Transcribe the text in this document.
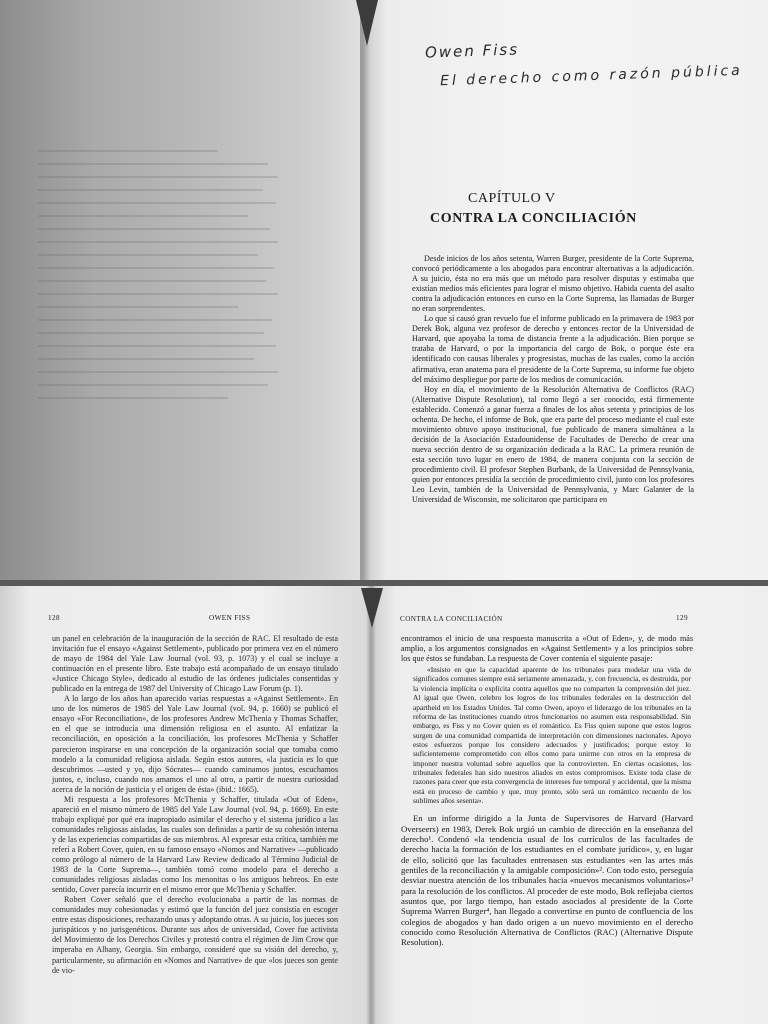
Owen Fiss
El derecho como razón pública
CAPÍTULO V
CONTRA LA CONCILIACIÓN

Desde inicios de los años setenta, Warren Burger, presidente de la Corte Suprema, convocó periódicamente a los abogados para encontrar alternativas a la adjudicación. A su juicio, ésta no era más que un método para resolver disputas y estimaba que existían medios más eficientes para lograr el mismo objetivo. Habida cuenta del asalto contra la adjudicación entonces en curso en la Corte Suprema, las llamadas de Burger no eran sorprendentes.

Lo que sí causó gran revuelo fue el informe publicado en la primavera de 1983 por Derek Bok, alguna vez profesor de derecho y entonces rector de la Universidad de Harvard, que apoyaba la toma de distancia frente a la adjudicación. Bien porque se trataba de Harvard, o por la importancia del cargo de Bok, o porque éste era identificado con causas liberales y progresistas, muchas de las cuales, como la acción afirmativa, eran anatema para el presidente de la Corte Suprema, su informe fue objeto del máximo despliegue por parte de los medios de comunicación.

Hoy en día, el movimiento de la Resolución Alternativa de Conflictos (RAC) (Alternative Dispute Resolution), tal como llegó a ser conocido, está firmemente establecido. Comenzó a ganar fuerza a finales de los años setenta y principios de los ochenta. De hecho, el informe de Bok, que era parte del proceso mediante el cual este movimiento obtuvo apoyo institucional, fue publicado de manera simultánea a la decisión de la Asociación Estadounidense de Facultades de Derecho de crear una nueva sección dentro de su organización dedicada a la RAC. La primera reunión de esta sección tuvo lugar en enero de 1984, de manera conjunta con la sección de procedimiento civil. El profesor Stephen Burbank, de la Universidad de Pennsylvania, quien por entonces presidía la sección de procedimiento civil, junto con los profesores Leo Levin, también de la Universidad de Pennsylvania, y Marc Galanter de la Universidad de Wisconsin, me solicitaron que participara en

128	OWEN FISS

un panel en celebración de la inauguración de la sección de RAC. El resultado de esta invitación fue el ensayo «Against Settlement», publicado por primera vez en el número de mayo de 1984 del Yale Law Journal (vol. 93, p. 1073) y el cual se incluye a continuación en el presente libro. Este trabajo está acompañado de un ensayo titulado «Justice Chicago Style», dedicado al estudio de las órdenes judiciales consentidas y publicado en la entrega de 1987 del University of Chicago Law Forum (p. 1).

A lo largo de los años han aparecido varias respuestas a «Against Settlement». En uno de los números de 1985 del Yale Law Journal (vol. 94, p. 1660) se publicó el ensayo «For Reconciliation», de los profesores Andrew McThenia y Thomas Schaffer, en el que se introducía una dimensión religiosa en el asunto. Al enfatizar la reconciliación, en oposición a la conciliación, los profesores McThenia y Schaffer parecieron inspirarse en una concepción de la organización social que tomaba como modelo a la comunidad religiosa aislada. Según estos autores, «la justicia es lo que descubrimos —usted y yo, dijo Sócrates— cuando caminamos juntos, escuchamos juntos, e, incluso, cuando nos amamos el uno al otro, a partir de nuestra curiosidad acerca de la noción de justicia y el origen de ésta» (ibid.: 1665).

Mi respuesta a los profesores McThenia y Schaffer, titulada «Out of Eden», apareció en el mismo número de 1985 del Yale Law Journal (vol. 94, p. 1669). En este trabajo expliqué por qué era inapropiado asimilar el derecho y el sistema jurídico a las comunidades religiosas aisladas, las cuales son definidas a partir de su cohesión interna y de las experiencias compartidas de sus miembros. Al expresar esta crítica, también me referí a Robert Cover, quien, en su famoso ensayo «Nomos and Narrative» —publicado como prólogo al número de la Harvard Law Review dedicado al Término Judicial de 1983 de la Corte Suprema—, también tomó como modelo para el derecho a comunidades religiosas aisladas como los menonitas o los antiguos hebreos. En este sentido, Cover parecía incurrir en el mismo error que McThenia y Schaffer.

Robert Cover señaló que el derecho evolucionaba a partir de las normas de comunidades muy cohesionadas y estimó que la función del juez consistía en escoger entre estas disposiciones, rechazando unas y adoptando otras. A su juicio, los jueces son jurispáticos y no jurisgenéticos. Durante sus años de universidad, Cover fue activista del Movimiento de los Derechos Civiles y protestó contra el régimen de Jim Crow que imperaba en Albany, Georgia. Sin embargo, consideré que su visión del derecho, y, particularmente, su afirmación en «Nomos and Narrative» de que «los jueces son gente de vio-

CONTRA LA CONCILIACIÓN	129

encontramos el inicio de una respuesta manuscrita a «Out of Eden», y, de modo más amplio, a los argumentos consignados en «Against Settlement» y a los principios sobre los que éstos se fundaban. La respuesta de Cover contenía el siguiente pasaje:

«Insisto en que la capacidad aparente de los tribunales para modelar una vida de significados comunes siempre está seriamente amenazada, y, con frecuencia, es destruida, por la violencia implícita o explícita contra aquellos que no comparten la comprensión del juez. Al igual que Owen, celebro los logros de los tribunales federales en la destrucción del apartheid en los Estados Unidos. Tal como Owen, apoyo el liderazgo de los tribunales en la reforma de las instituciones cuando otros funcionarios no asumen esta responsabilidad. Sin embargo, es Fiss y no Cover quien es el romántico. Es Fiss quien supone que estos logros surgen de una comunidad compartida de interpretación con dimensiones nacionales. Apoyo estos esfuerzos porque los considero adecuados y justificados; porque estoy lo suficientemente comprometido con ellos como para unirme con otros en la empresa de imponer nuestra voluntad sobre aquellos que la controvierten. En ciertas ocasiones, los tribunales federales han sido nuestros aliados en estos compromisos. Existe toda clase de razones para creer que esta convergencia de intereses fue temporal y accidental, que la misma está en proceso de cambio y que, muy pronto, sólo será un romántico recuerdo de los sublimes años sesenta».

En un informe dirigido a la Junta de Supervisores de Harvard (Harvard Overseers) en 1983, Derek Bok urgió un cambio de dirección en la enseñanza del derecho¹. Condenó «la tendencia usual de los currículos de las facultades de derecho hacia la formación de los estudiantes en el combate jurídico», y, en lugar de ello, solicitó que las facultades entrenasen sus estudiantes «en las artes más gentiles de la reconciliación y la amigable composición»². Con todo esto, perseguía desviar nuestra atención de los tribunales hacia «nuevos mecanismos voluntarios»³ para la resolución de los conflictos. Al proceder de este modo, Bok reflejaba ciertos asuntos que, por largo tiempo, han estado asociados al presidente de la Corte Suprema Warren Burger⁴, han llegado a convertirse en punto de confluencia de los colegios de abogados y han dado origen a un nuevo movimiento en el derecho conocido como Resolución Alternativa de Conflictos (RAC) (Alternative Dispute Resolution).
